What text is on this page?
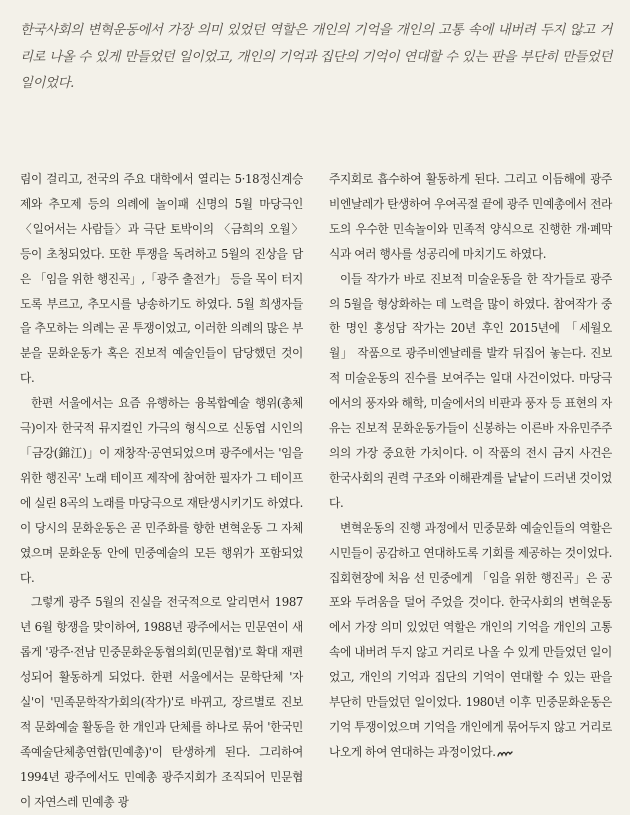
한국사회의 변혁운동에서 가장 의미 있었던 역할은 개인의 기억을 개인의 고통 속에 내버려 두지 않고 거리로 나올 수 있게 만들었던 일이었고, 개인의 기억과 집단의 기억이 연대할 수 있는 판을 부단히 만들었던 일이었다.

림이 걸리고, 전국의 주요 대학에서 열리는 5·18정신계승제와 추모제 등의 의례에 놀이패 신명의 5월 마당극인 〈일어서는 사람들〉과 극단 토박이의 〈금희의 오월〉 등이 초청되었다. 또한 투쟁을 독려하고 5월의 진상을 담은 「임을 위한 행진곡」,「광주 출전가」 등을 목이 터지도록 부르고, 추모시를 낭송하기도 하였다. 5월 희생자들을 추모하는 의례는 곧 투쟁이었고, 이러한 의례의 많은 부분을 문화운동가 혹은 진보적 예술인들이 담당했던 것이다.

한편 서울에서는 요즘 유행하는 융복합예술 행위(총체극)이자 한국적 뮤지컬인 가극의 형식으로 신동엽 시인의 「금강(錦江)」이 재창작·공연되었으며 광주에서는 '임을 위한 행진곡' 노래 테이프 제작에 참여한 필자가 그 테이프에 실린 8곡의 노래를 마당극으로 재탄생시키기도 하였다. 이 당시의 문화운동은 곧 민주화를 향한 변혁운동 그 자체였으며 문화운동 안에 민중예술의 모든 행위가 포함되었다.

그렇게 광주 5월의 진실을 전국적으로 알리면서 1987년 6월 항쟁을 맞이하여, 1988년 광주에서는 민문연이 새롭게 '광주·전남 민중문화운동협의회(민문협)'로 확대 재편성되어 활동하게 되었다. 한편 서울에서는 문학단체 '자실'이 '민족문학작가회의(작가)'로 바뀌고, 장르별로 진보적 문화예술 활동을 한 개인과 단체를 하나로 묶어 '한국민족예술단체총연합(민예총)'이 탄생하게 된다. 그리하여 1994년 광주에서도 민예총 광주지회가 조직되어 민문협이 자연스레 민예총 광

주지회로 흡수하여 활동하게 된다. 그리고 이듬해에 광주비엔날레가 탄생하여 우여곡절 끝에 광주 민예총에서 전라도의 우수한 민속놀이와 민족적 양식으로 진행한 개·폐막식과 여러 행사를 성공리에 마치기도 하였다.

이들 작가가 바로 진보적 미술운동을 한 작가들로 광주의 5월을 형상화하는 데 노력을 많이 하였다. 참여작가 중 한 명인 홍성담 작가는 20년 후인 2015년에 「세월오월」 작품으로 광주비엔날레를 발칵 뒤집어 놓는다. 진보적 미술운동의 진수를 보여주는 일대 사건이었다. 마당극에서의 풍자와 해학, 미술에서의 비판과 풍자 등 표현의 자유는 진보적 문화운동가들이 신봉하는 이른바 자유민주주의의 가장 중요한 가치이다. 이 작품의 전시 금지 사건은 한국사회의 권력 구조와 이해관계를 낱낱이 드러낸 것이었다.

변혁운동의 진행 과정에서 민중문화 예술인들의 역할은 시민들이 공감하고 연대하도록 기회를 제공하는 것이었다. 집회현장에 처음 선 민중에게 「임을 위한 행진곡」은 공포와 두려움을 덜어 주었을 것이다. 한국사회의 변혁운동에서 가장 의미 있었던 역할은 개인의 기억을 개인의 고통 속에 내버려 두지 않고 거리로 나올 수 있게 만들었던 일이었고, 개인의 기억과 집단의 기억이 연대할 수 있는 판을 부단히 만들었던 일이었다. 1980년 이후 민중문화운동은 기억 투쟁이었으며 기억을 개인에게 묶어두지 않고 거리로 나오게 하여 연대하는 과정이었다.
